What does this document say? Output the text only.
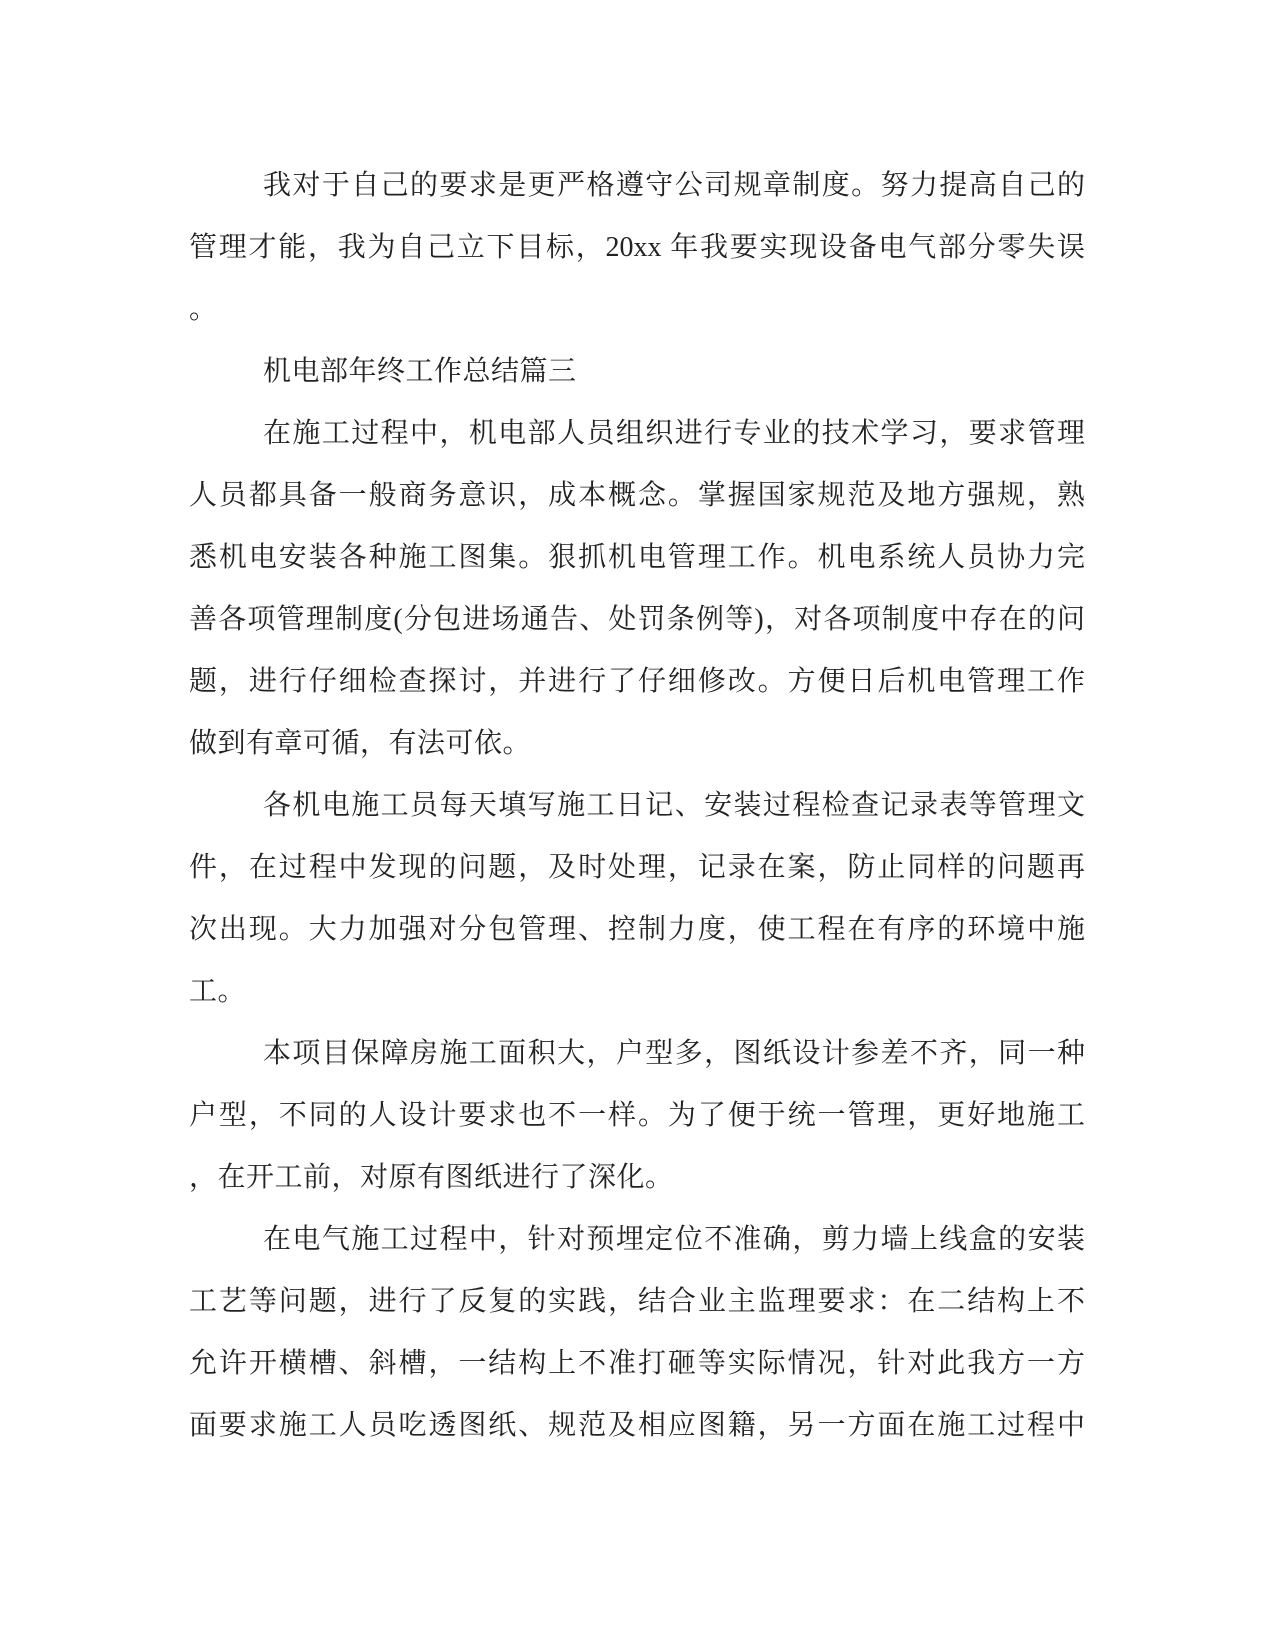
我对于自己的要求是更严格遵守公司规章制度。努力提高自己的
管理才能，我为自己立下目标，20xx 年我要实现设备电气部分零失误
。
机电部年终工作总结篇三
在施工过程中，机电部人员组织进行专业的技术学习，要求管理
人员都具备一般商务意识，成本概念。掌握国家规范及地方强规，熟
悉机电安装各种施工图集。狠抓机电管理工作。机电系统人员协力完
善各项管理制度(分包进场通告、处罚条例等)，对各项制度中存在的问
题，进行仔细检查探讨，并进行了仔细修改。方便日后机电管理工作
做到有章可循，有法可依。
各机电施工员每天填写施工日记、安装过程检查记录表等管理文
件，在过程中发现的问题，及时处理，记录在案，防止同样的问题再
次出现。大力加强对分包管理、控制力度，使工程在有序的环境中施
工。
本项目保障房施工面积大，户型多，图纸设计参差不齐，同一种
户型，不同的人设计要求也不一样。为了便于统一管理，更好地施工
，在开工前，对原有图纸进行了深化。
在电气施工过程中，针对预埋定位不准确，剪力墙上线盒的安装
工艺等问题，进行了反复的实践，结合业主监理要求：在二结构上不
允许开横槽、斜槽，一结构上不准打砸等实际情况，针对此我方一方
面要求施工人员吃透图纸、规范及相应图籍，另一方面在施工过程中
